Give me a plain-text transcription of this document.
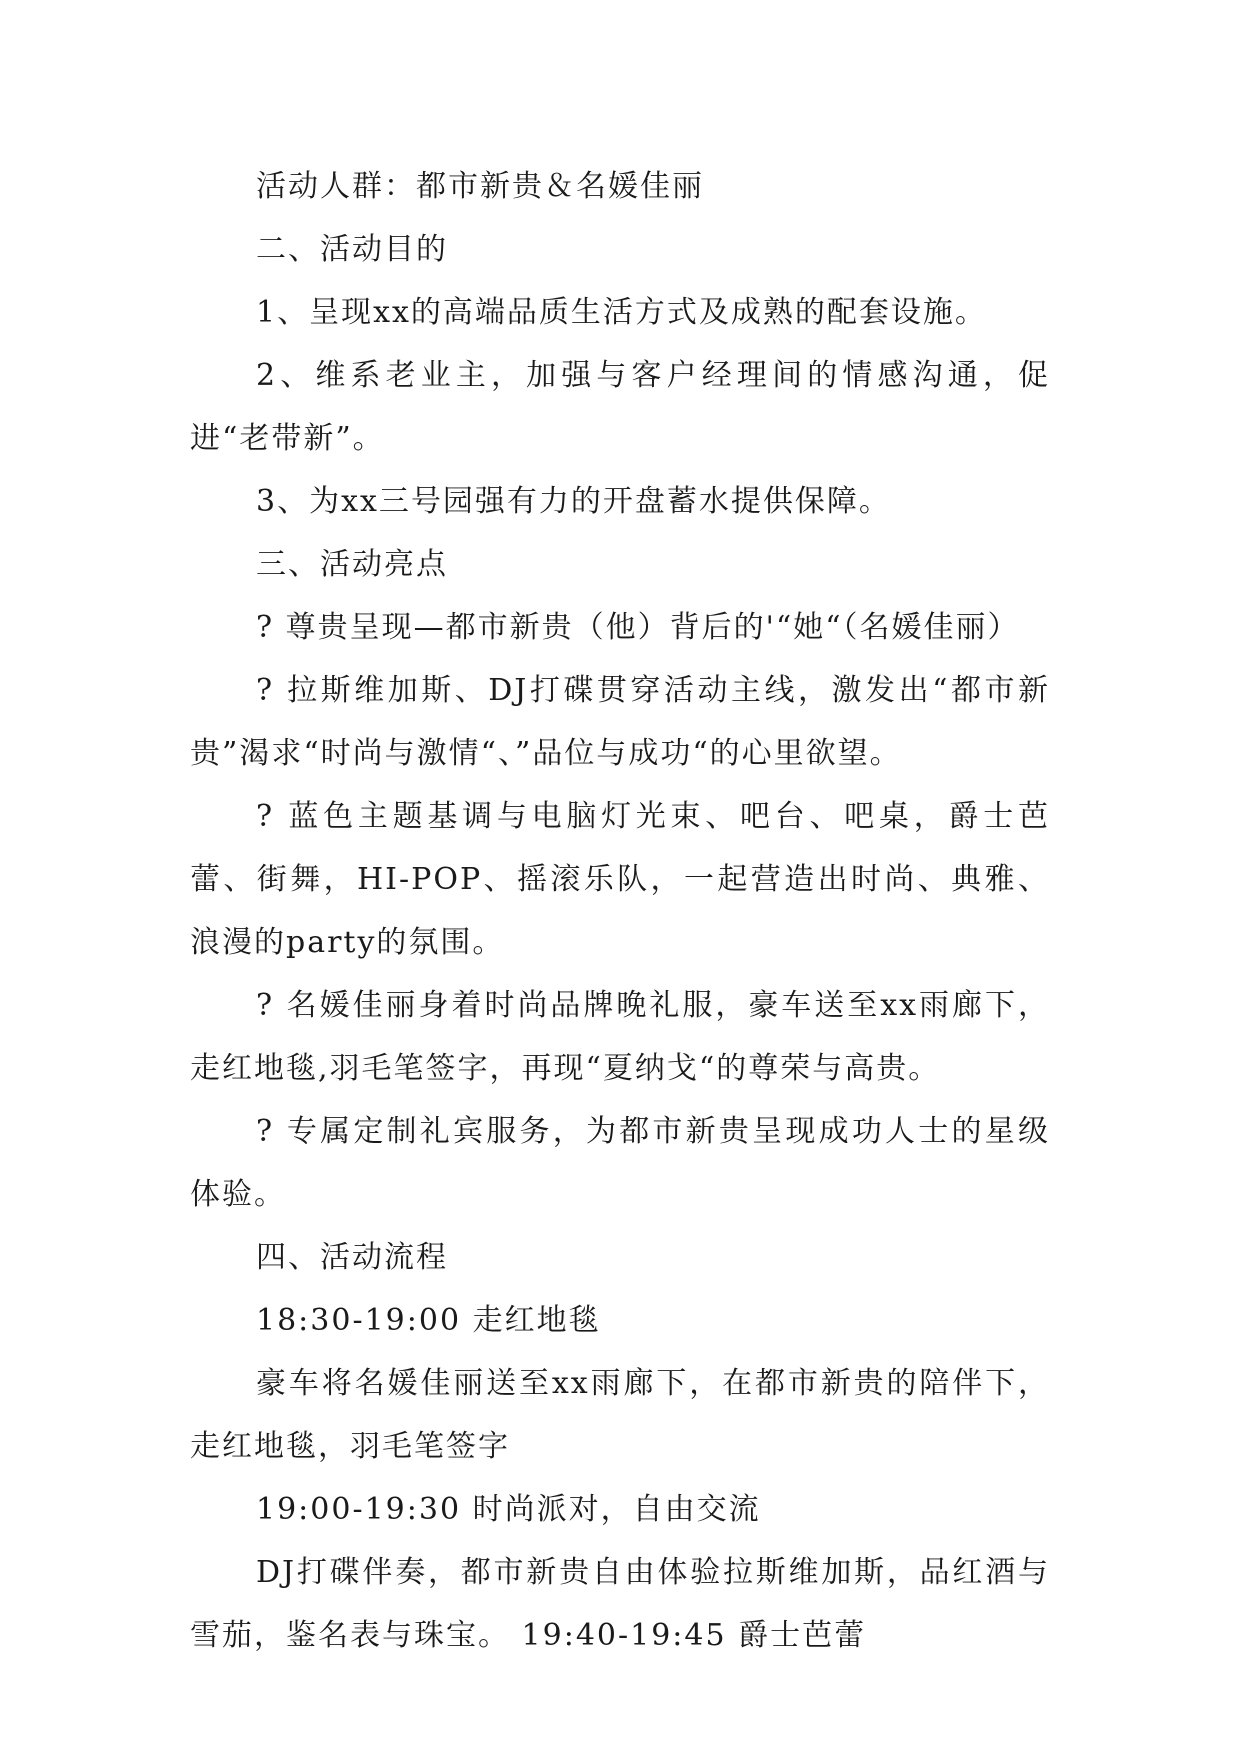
活动人群：都市新贵＆名媛佳丽

二、活动目的

1、呈现xx的高端品质生活方式及成熟的配套设施。

2、维系老业主，加强与客户经理间的情感沟通，促进“老带新”。

3、为xx三号园强有力的开盘蓄水提供保障。

三、活动亮点

? 尊贵呈现—都市新贵（他）背后的'“她“（名媛佳丽）

? 拉斯维加斯、DJ打碟贯穿活动主线，激发出“都市新贵”渴求“时尚与激情“、”品位与成功“的心里欲望。

? 蓝色主题基调与电脑灯光束、吧台、吧桌，爵士芭蕾、街舞，HI-POP、摇滚乐队，一起营造出时尚、典雅、浪漫的party的氛围。

? 名媛佳丽身着时尚品牌晚礼服，豪车送至xx雨廊下，走红地毯,羽毛笔签字，再现“夏纳戈“的尊荣与高贵。

? 专属定制礼宾服务，为都市新贵呈现成功人士的星级体验。

四、活动流程

18:30-19:00 走红地毯

豪车将名媛佳丽送至xx雨廊下，在都市新贵的陪伴下，走红地毯，羽毛笔签字

19:00-19:30 时尚派对，自由交流

DJ打碟伴奏，都市新贵自由体验拉斯维加斯，品红酒与雪茄，鉴名表与珠宝。 19:40-19:45 爵士芭蕾
